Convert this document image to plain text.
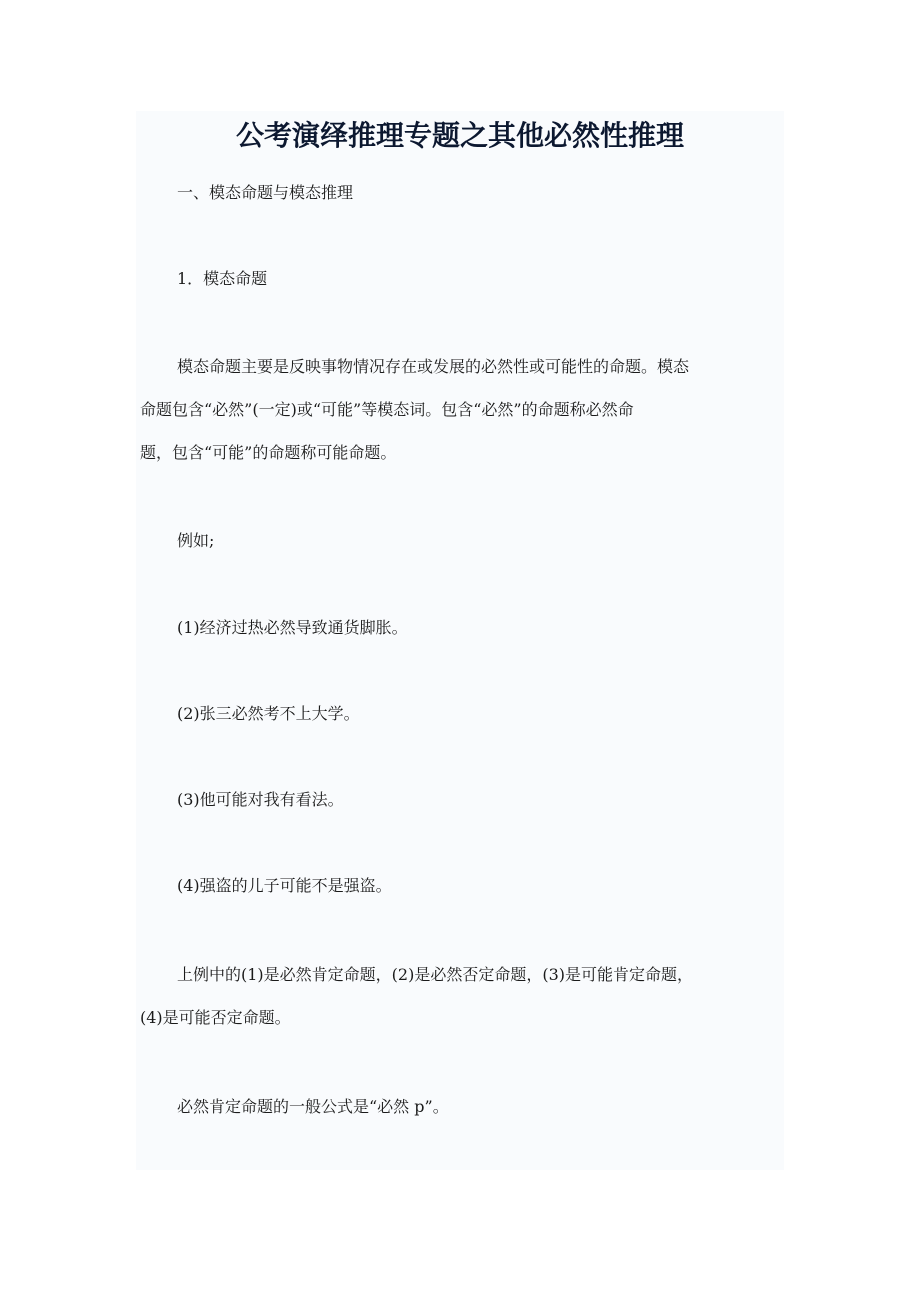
公考演绎推理专题之其他必然性推理
一、模态命题与模态推理
1．模态命题
模态命题主要是反映事物情况存在或发展的必然性或可能性的命题。模态
命题包含“必然”(一定)或“可能”等模态词。包含“必然”的命题称必然命
题，包含“可能”的命题称可能命题。
例如;
(1)经济过热必然导致通货脚胀。
(2)张三必然考不上大学。
(3)他可能对我有看法。
(4)强盗的儿子可能不是强盗。
上例中的(1)是必然肯定命题，(2)是必然否定命题，(3)是可能肯定命题，
(4)是可能否定命题。
必然肯定命题的一般公式是“必然 p”。
